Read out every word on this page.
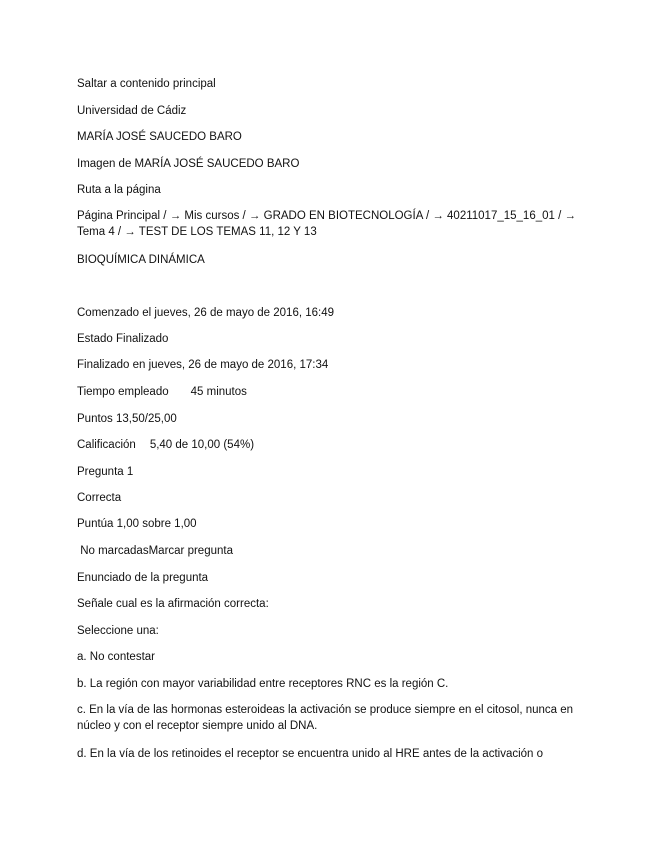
Saltar a contenido principal
Universidad de Cádiz
MARÍA JOSÉ SAUCEDO BARO
Imagen de MARÍA JOSÉ SAUCEDO BARO
Ruta a la página
Página Principal / → Mis cursos / → GRADO EN BIOTECNOLOGÍA / → 40211017_15_16_01 / → Tema 4 / → TEST DE LOS TEMAS 11, 12 Y 13
BIOQUÍMICA DINÁMICA
Comenzado el jueves, 26 de mayo de 2016, 16:49
Estado Finalizado
Finalizado en jueves, 26 de mayo de 2016, 17:34
Tiempo empleado 45 minutos
Puntos 13,50/25,00
Calificación 5,40 de 10,00 (54%)
Pregunta 1
Correcta
Puntúa 1,00 sobre 1,00
No marcadasMarcar pregunta
Enunciado de la pregunta
Señale cual es la afirmación correcta:
Seleccione una:
a. No contestar
b. La región con mayor variabilidad entre receptores RNC es la región C.
c. En la vía de las hormonas esteroideas la activación se produce siempre en el citosol, nunca en núcleo y con el receptor siempre unido al DNA.
d. En la vía de los retinoides el receptor se encuentra unido al HRE antes de la activación o
